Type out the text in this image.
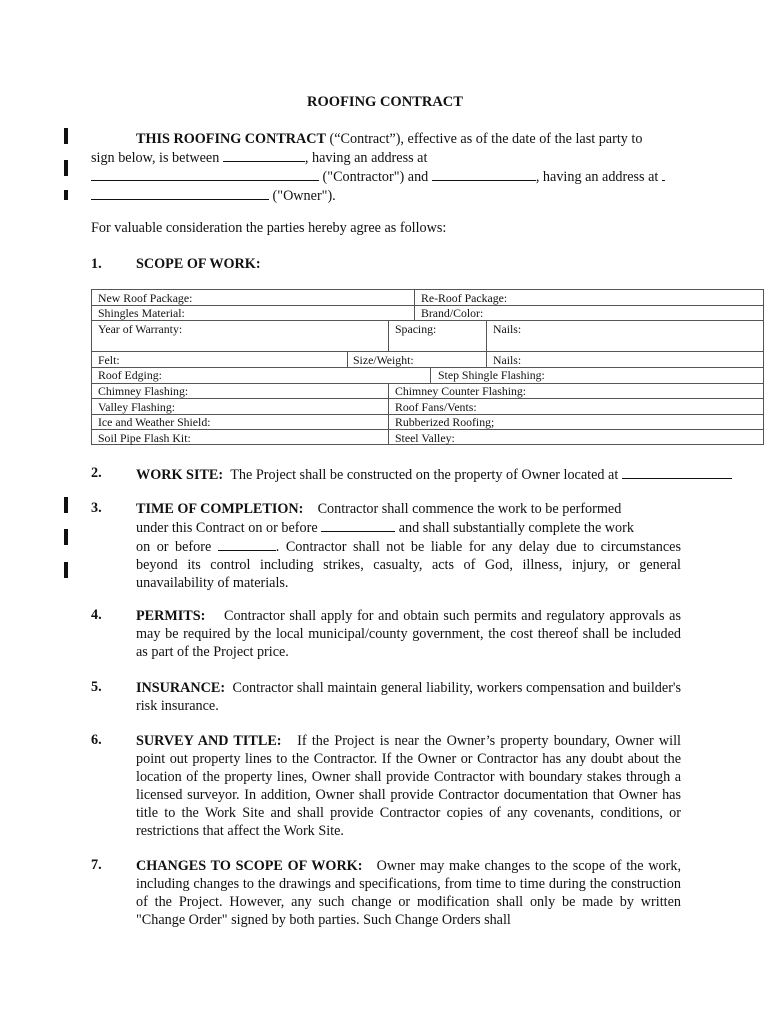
ROOFING CONTRACT
THIS ROOFING CONTRACT (“Contract”), effective as of the date of the last party to
sign below, is between	, having an address at
("Contractor") and	, having an address at
("Owner").
For valuable consideration the parties hereby agree as follows:
1. SCOPE OF WORK:
New Roof Package:	Re-Roof Package:
Shingles Material:	Brand/Color:
Year of Warranty:	Spacing:	Nails:
Felt:	Size/Weight:	Nails:
Roof Edging:	Step Shingle Flashing:
Chimney Flashing:	Chimney Counter Flashing:
Valley Flashing:	Roof Fans/Vents:
Ice and Weather Shield:	Rubberized Roofing;
Soil Pipe Flash Kit:	Steel Valley:
2. WORK SITE: The Project shall be constructed on the property of Owner located at
3. TIME OF COMPLETION: Contractor shall commence the work to be performed
under this Contract on or before	and shall substantially complete the work
on or before	. Contractor shall not be liable for any delay due to circumstances beyond its control including strikes, casualty, acts of God, illness, injury, or general unavailability of materials.
4. PERMITS: Contractor shall apply for and obtain such permits and regulatory approvals as may be required by the local municipal/county government, the cost thereof shall be included as part of the Project price.
5. INSURANCE: Contractor shall maintain general liability, workers compensation and builder's risk insurance.
6. SURVEY AND TITLE: If the Project is near the Owner’s property boundary, Owner will point out property lines to the Contractor. If the Owner or Contractor has any doubt about the location of the property lines, Owner shall provide Contractor with boundary stakes through a licensed surveyor. In addition, Owner shall provide Contractor documentation that Owner has title to the Work Site and shall provide Contractor copies of any covenants, conditions, or restrictions that affect the Work Site.
7. CHANGES TO SCOPE OF WORK: Owner may make changes to the scope of the work, including changes to the drawings and specifications, from time to time during the construction of the Project. However, any such change or modification shall only be made by written "Change Order" signed by both parties. Such Change Orders shall
